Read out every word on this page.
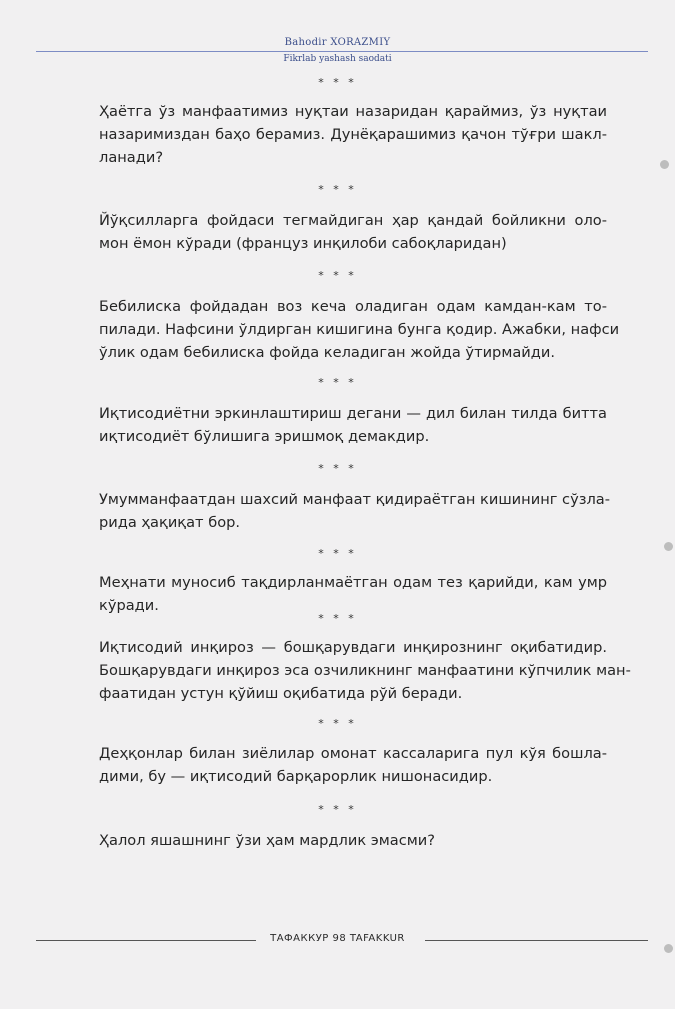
Bahodir XORAZMIY
Fikrlab yashash saodati
* * *
Ҳаётга ўз манфаатимиз нуқтаи назаридан қараймиз, ўз нуқтаи
назаримиздан баҳо берамиз. Дунёқарашимиз қачон тўғри шакл-
ланади?
* * *
Йўқсилларга фойдаси тегмайдиган ҳар қандай бойликни оло-
мон ёмон кўради (француз инқилоби сабоқларидан)
* * *
Бебилиска фойдадан воз кеча оладиган одам камдан-кам то-
пилади. Нафсини ўлдирган кишигина бунга қодир. Ажабки, нафси
ўлик одам бебилиска фойда келадиган жойда ўтирмайди.
* * *
Иқтисодиётни эркинлаштириш дегани — дил билан тилда битта
иқтисодиёт бўлишига эришмоқ демакдир.
* * *
Умумманфаатдан шахсий манфаат қидираётган кишининг сўзла-
рида ҳақиқат бор.
* * *
Меҳнати муносиб тақдирланмаётган одам тез қарийди, кам умр
кўради.
* * *
Иқтисодий инқироз — бошқарувдаги инқирознинг оқибатидир.
Бошқарувдаги инқироз эса озчиликнинг манфаатини кўпчилик ман-
фаатидан устун қўйиш оқибатида рўй беради.
* * *
Деҳқонлар билан зиёлилар омонат кассаларига пул кўя бошла-
дими, бу — иқтисодий барқарорлик нишонасидир.
* * *
Ҳалол яшашнинг ўзи ҳам мардлик эмасми?
ТАФАККУР 98 TAFAKKUR
